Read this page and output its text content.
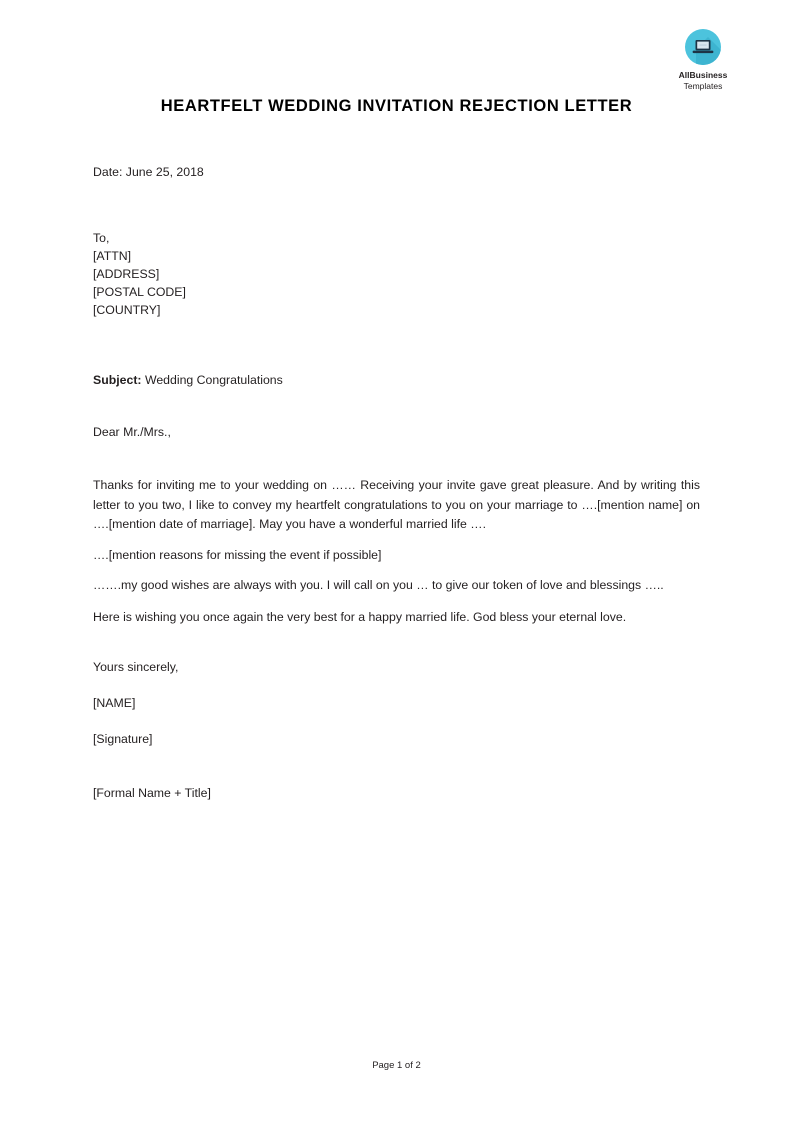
AllBusiness
Templates
HEARTFELT WEDDING INVITATION REJECTION LETTER
Date: June 25, 2018
To,
[ATTN]
[ADDRESS]
[POSTAL CODE]
[COUNTRY]
Subject: Wedding Congratulations
Dear Mr./Mrs.,

Thanks for inviting me to your wedding on …… Receiving your invite gave great pleasure. And by writing this letter to you two, I like to convey my heartfelt congratulations to you on your marriage to ….[mention name] on ….[mention date of marriage]. May you have a wonderful married life ….

….[mention reasons for missing the event if possible]

…….my good wishes are always with you. I will call on you … to give our token of love and blessings …..

Here is wishing you once again the very best for a happy married life. God bless your eternal love.

Yours sincerely,
[NAME]
[Signature]
[Formal Name + Title]
Page 1 of 2
